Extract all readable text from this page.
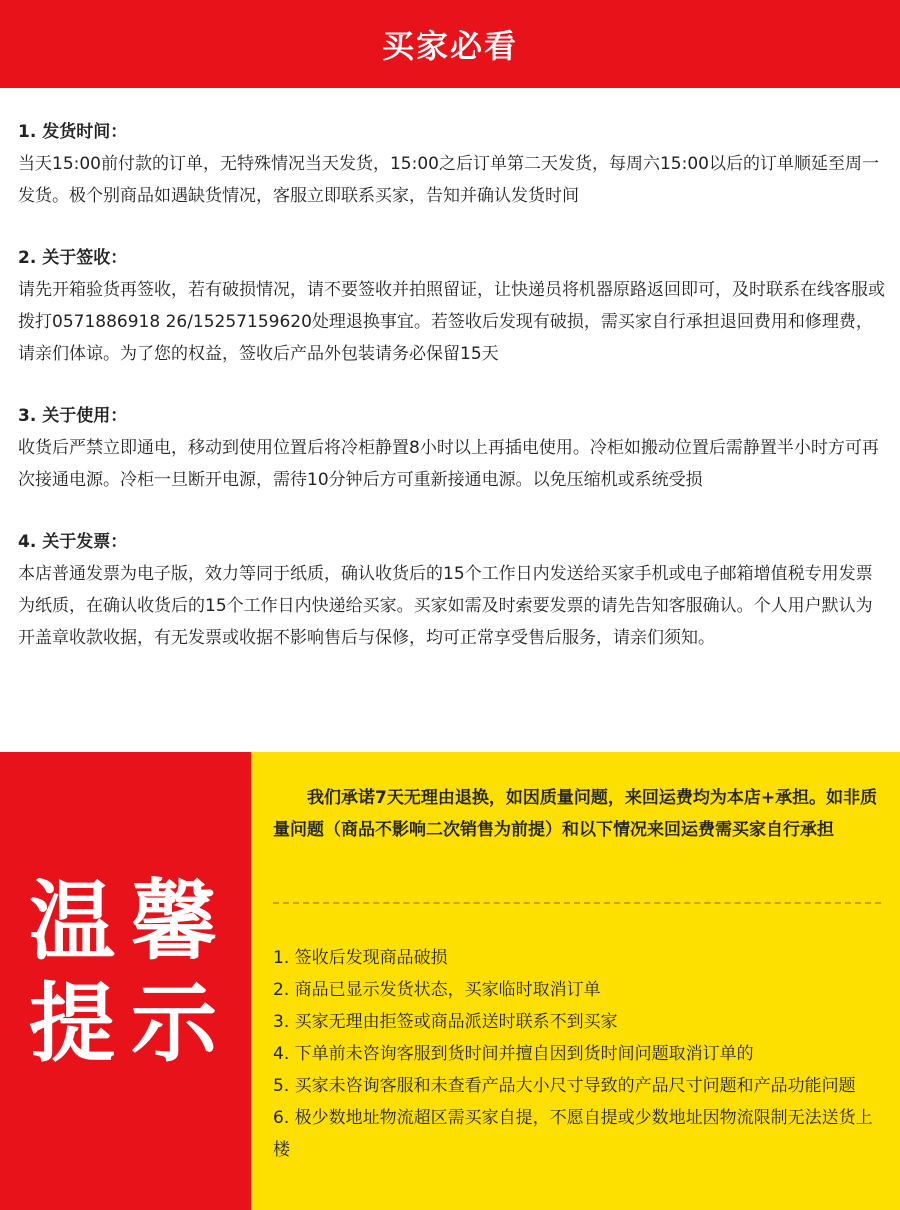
买家必看
1. 发货时间：
当天15:00前付款的订单，无特殊情况当天发货，15:00之后订单第二天发货，每周六15:00以后的订单顺延至周一发货。极个别商品如遇缺货情况，客服立即联系买家，告知并确认发货时间
2. 关于签收：
请先开箱验货再签收，若有破损情况，请不要签收并拍照留证，让快递员将机器原路返回即可，及时联系在线客服或拨打0571886918 26/15257159620处理退换事宜。若签收后发现有破损，需买家自行承担退回费用和修理费，请亲们体谅。为了您的权益，签收后产品外包装请务必保留15天
3. 关于使用：
收货后严禁立即通电，移动到使用位置后将冷柜静置8小时以上再插电使用。冷柜如搬动位置后需静置半小时方可再次接通电源。冷柜一旦断开电源，需待10分钟后方可重新接通电源。以免压缩机或系统受损
4. 关于发票：
本店普通发票为电子版，效力等同于纸质，确认收货后的15个工作日内发送给买家手机或电子邮箱增值税专用发票为纸质，在确认收货后的15个工作日内快递给买家。买家如需及时索要发票的请先告知客服确认。个人用户默认为开盖章收款收据，有无发票或收据不影响售后与保修，均可正常享受售后服务，请亲们须知。
温 馨
提 示
我们承诺7天无理由退换，如因质量问题，来回运费均为本店+承担。如非质量问题（商品不影响二次销售为前提）和以下情况来回运费需买家自行承担
1. 签收后发现商品破损
2. 商品已显示发货状态，买家临时取消订单
3. 买家无理由拒签或商品派送时联系不到买家
4. 下单前未咨询客服到货时间并擅自因到货时间问题取消订单的
5. 买家未咨询客服和未查看产品大小尺寸导致的产品尺寸问题和产品功能问题
6. 极少数地址物流超区需买家自提，不愿自提或少数地址因物流限制无法送货上楼
